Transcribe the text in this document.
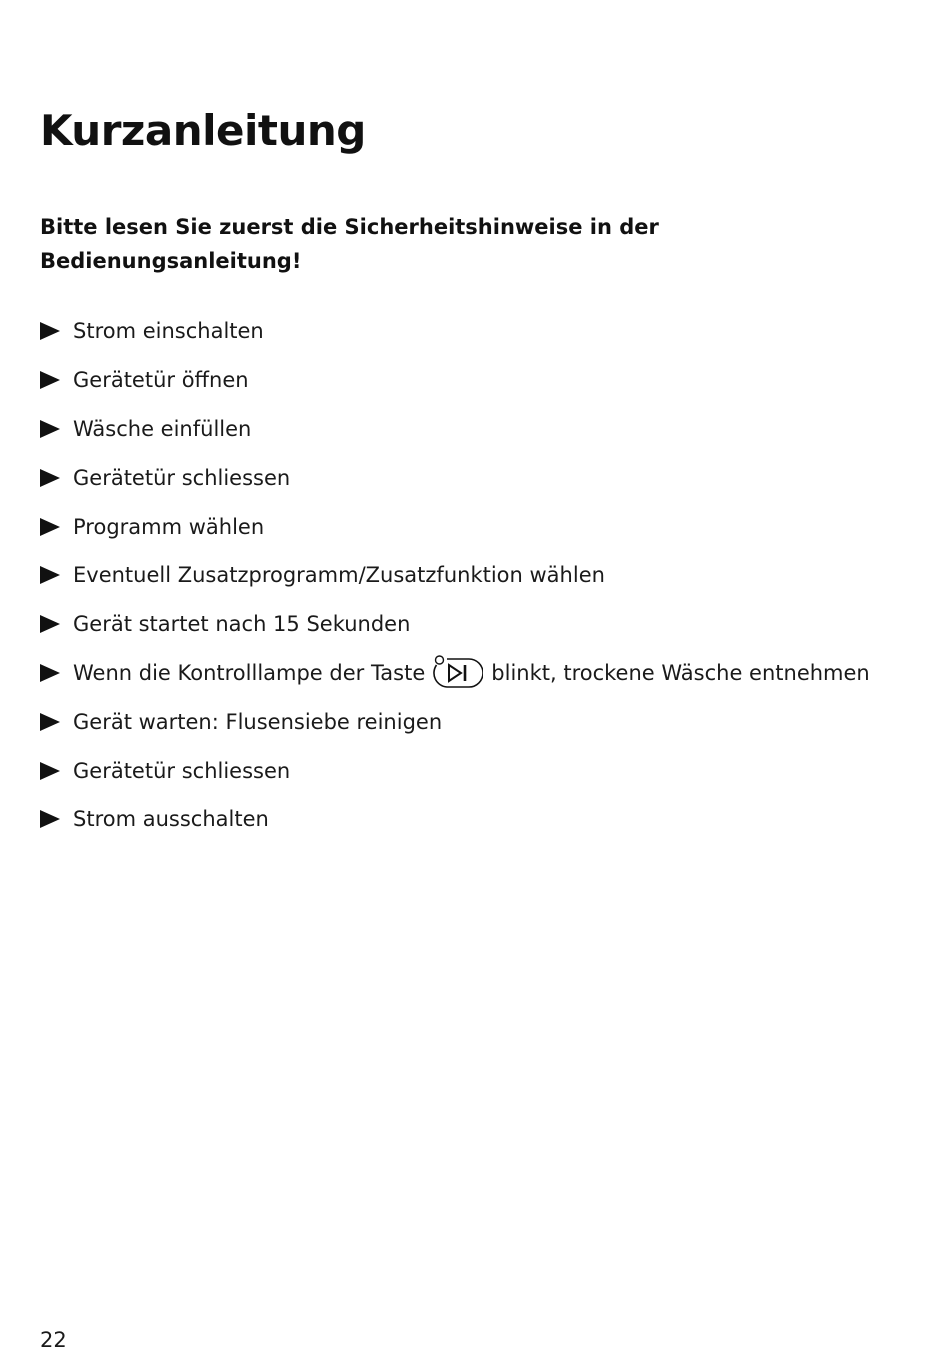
Kurzanleitung

Bitte lesen Sie zuerst die Sicherheitshinweise in der Bedienungsanleitung!

Strom einschalten
Gerätetür öffnen
Wäsche einfüllen
Gerätetür schliessen
Programm wählen
Eventuell Zusatzprogramm/Zusatzfunktion wählen
Gerät startet nach 15 Sekunden
Wenn die Kontrolllampe der Taste	blinkt, trockene Wäsche entnehmen
Gerät warten: Flusensiebe reinigen
Gerätetür schliessen
Strom ausschalten
22
